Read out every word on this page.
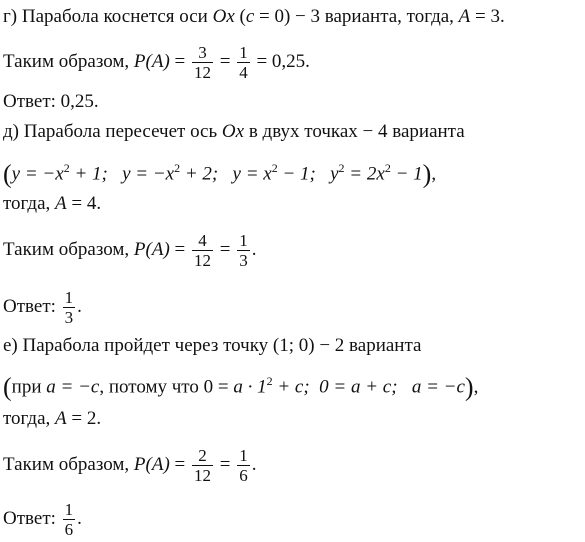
г) Парабола коснется оси Ox (c = 0) − 3 варианта, тогда, A = 3.
Таким образом, $P(A) = \frac{3}{12} = \frac{1}{4} = 0,25$.
Ответ: 0,25.
д) Парабола пересечет ось Ox в двух точках − 4 варианта
($y = -x^2 + 1$; $y = -x^2 + 2$; $y = x^2 - 1$; $y^2 = 2x^2 - 1$),
тогда, A = 4.
Таким образом, $P(A) = \frac{4}{12} = \frac{1}{3}$ .
Ответ: $\frac{1}{3}$ .
е) Парабола пройдет через точку (1; 0) − 2 варианта
(при a = −c, потому что $0 = a \cdot 1^2 + c$; 0 = a + c; a = −c),
тогда, A = 2.
Таким образом, $P(A) = \frac{2}{12} = \frac{1}{6}$ .
Ответ: $\frac{1}{6}$ .
